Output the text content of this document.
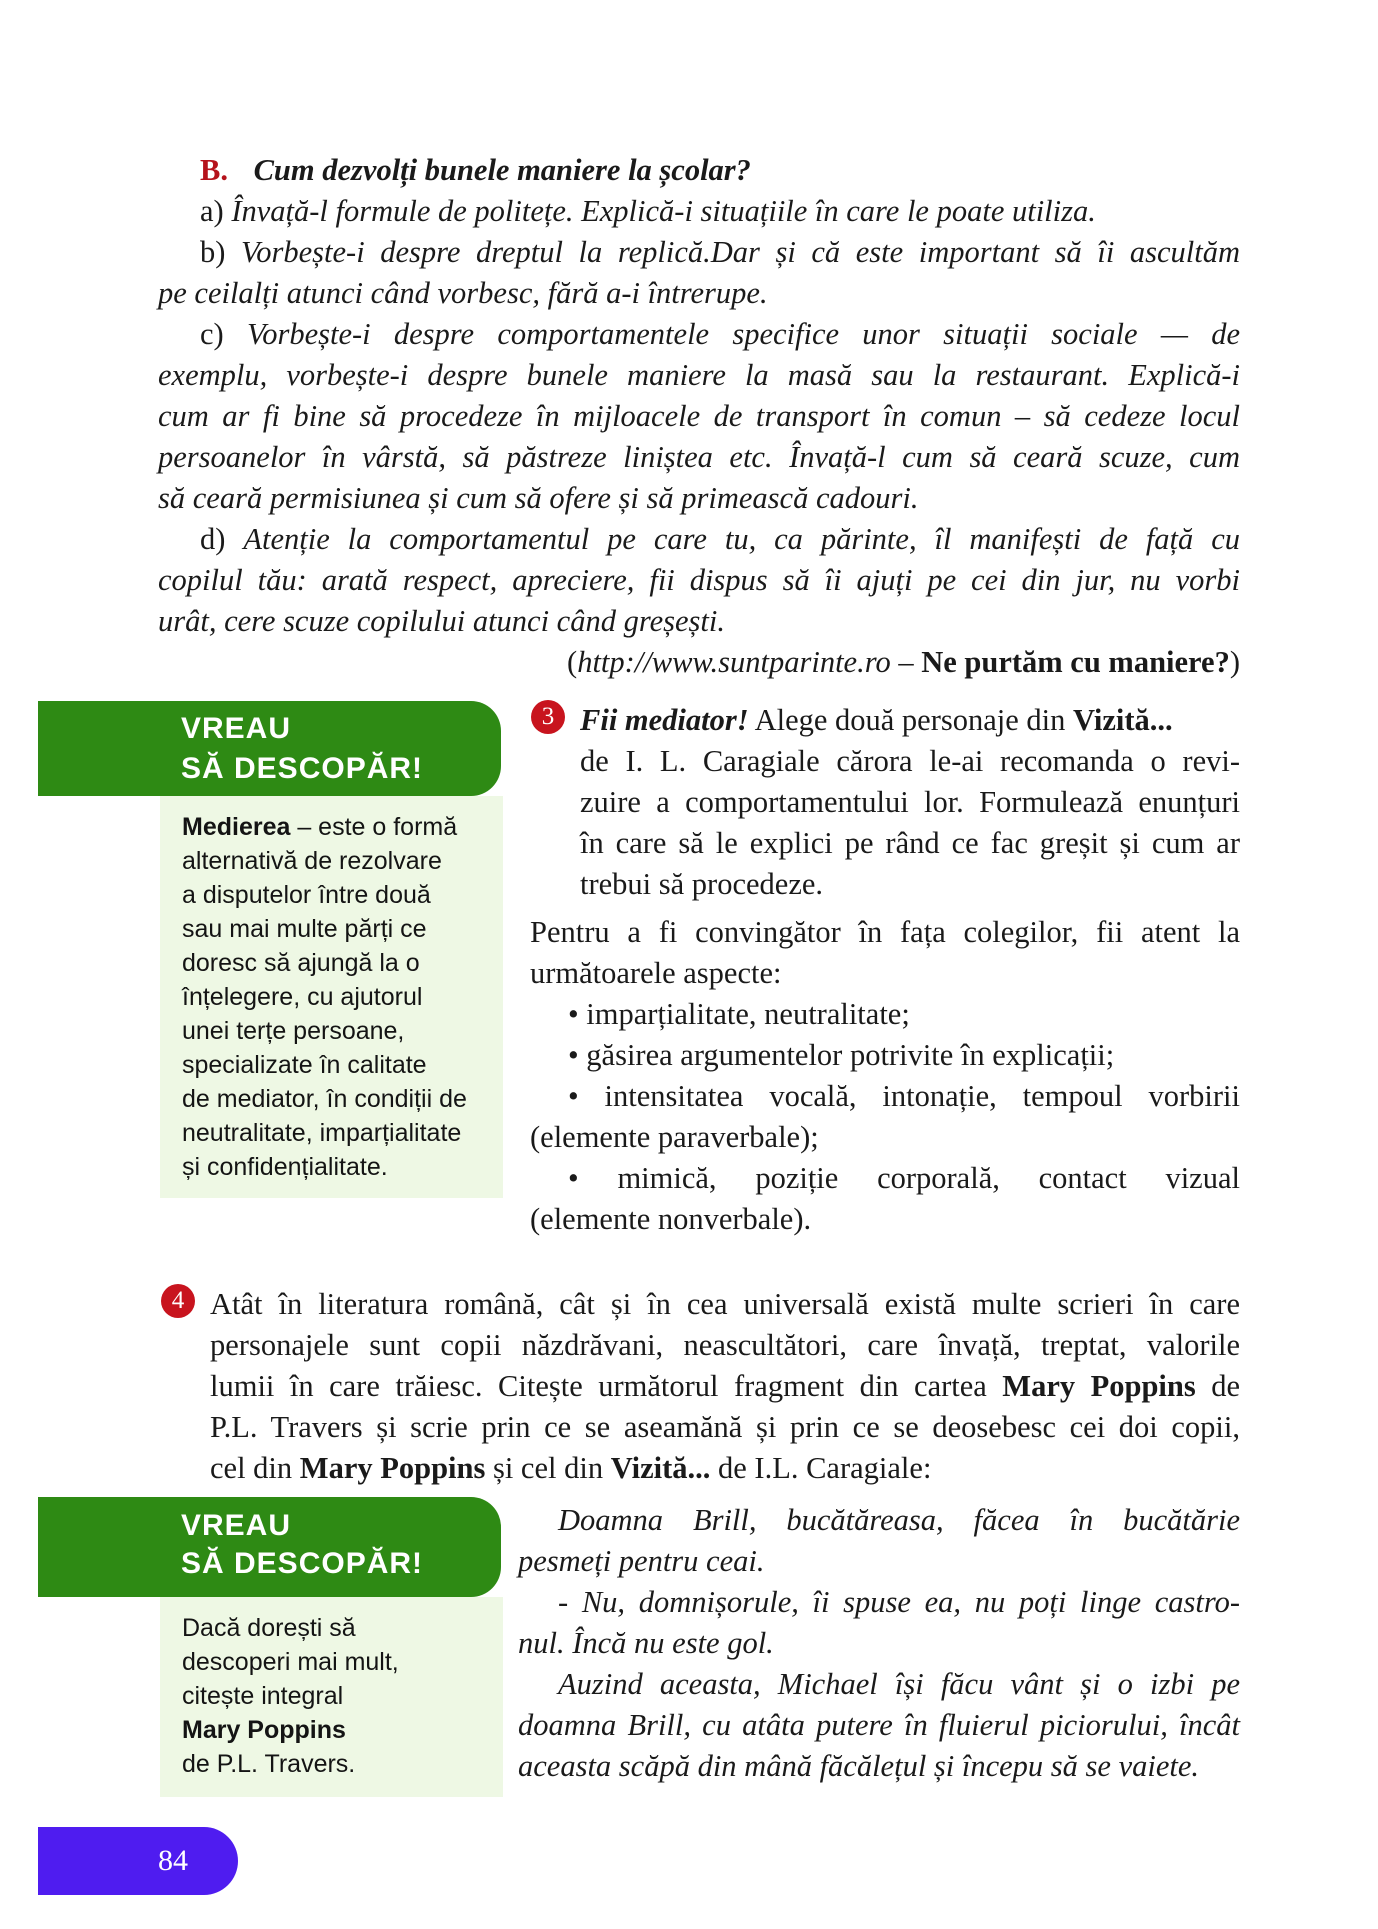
B. Cum dezvolți bunele maniere la școlar?
a) Învață-l formule de politețe. Explică-i situațiile în care le poate utiliza.
b) Vorbește-i despre dreptul la replică.Dar și că este important să îi ascultăm
pe ceilalți atunci când vorbesc, fără a-i întrerupe.
c) Vorbește-i despre comportamentele specifice unor situații sociale — de
exemplu, vorbește-i despre bunele maniere la masă sau la restaurant. Explică-i
cum ar fi bine să procedeze în mijloacele de transport în comun – să cedeze locul
persoanelor în vârstă, să păstreze liniștea etc. Învață-l cum să ceară scuze, cum
să ceară permisiunea și cum să ofere și să primească cadouri.
d) Atenție la comportamentul pe care tu, ca părinte, îl manifești de față cu
copilul tău: arată respect, apreciere, fii dispus să îi ajuți pe cei din jur, nu vorbi
urât, cere scuze copilului atunci când greșești.
(http://www.suntparinte.ro – Ne purtăm cu maniere?)
VREAU
SĂ DESCOPĂR!
Medierea – este o formă
alternativă de rezolvare
a disputelor între două
sau mai multe părți ce
doresc să ajungă la o
înțelegere, cu ajutorul
unei terțe persoane,
specializate în calitate
de mediator, în condiții de
neutralitate, imparțialitate
și confidențialitate.
3 Fii mediator! Alege două personaje din Vizită...
de I. L. Caragiale cărora le-ai recomanda o revi-
zuire a comportamentului lor. Formulează enunțuri
în care să le explici pe rând ce fac greșit și cum ar
trebui să procedeze.
Pentru a fi convingător în fața colegilor, fii atent la
următoarele aspecte:
• imparțialitate, neutralitate;
• găsirea argumentelor potrivite în explicații;
• intensitatea vocală, intonație, tempoul vorbirii
(elemente paraverbale);
• mimică, poziție corporală, contact vizual
(elemente nonverbale).
4 Atât în literatura română, cât și în cea universală există multe scrieri în care
personajele sunt copii năzdrăvani, neascultători, care învață, treptat, valorile
lumii în care trăiesc. Citește următorul fragment din cartea Mary Poppins de
P.L. Travers și scrie prin ce se aseamănă și prin ce se deosebesc cei doi copii,
cel din Mary Poppins și cel din Vizită... de I.L. Caragiale:
VREAU
SĂ DESCOPĂR!
Dacă dorești să
descoperi mai mult,
citește integral
Mary Poppins
de P.L. Travers.
Doamna Brill, bucătăreasa, făcea în bucătărie
pesmeți pentru ceai.
- Nu, domnișorule, îi spuse ea, nu poți linge castro-
nul. Încă nu este gol.
Auzind aceasta, Michael își făcu vânt și o izbi pe
doamna Brill, cu atâta putere în fluierul piciorului, încât
aceasta scăpă din mână făcălețul și începu să se vaiete.
84
